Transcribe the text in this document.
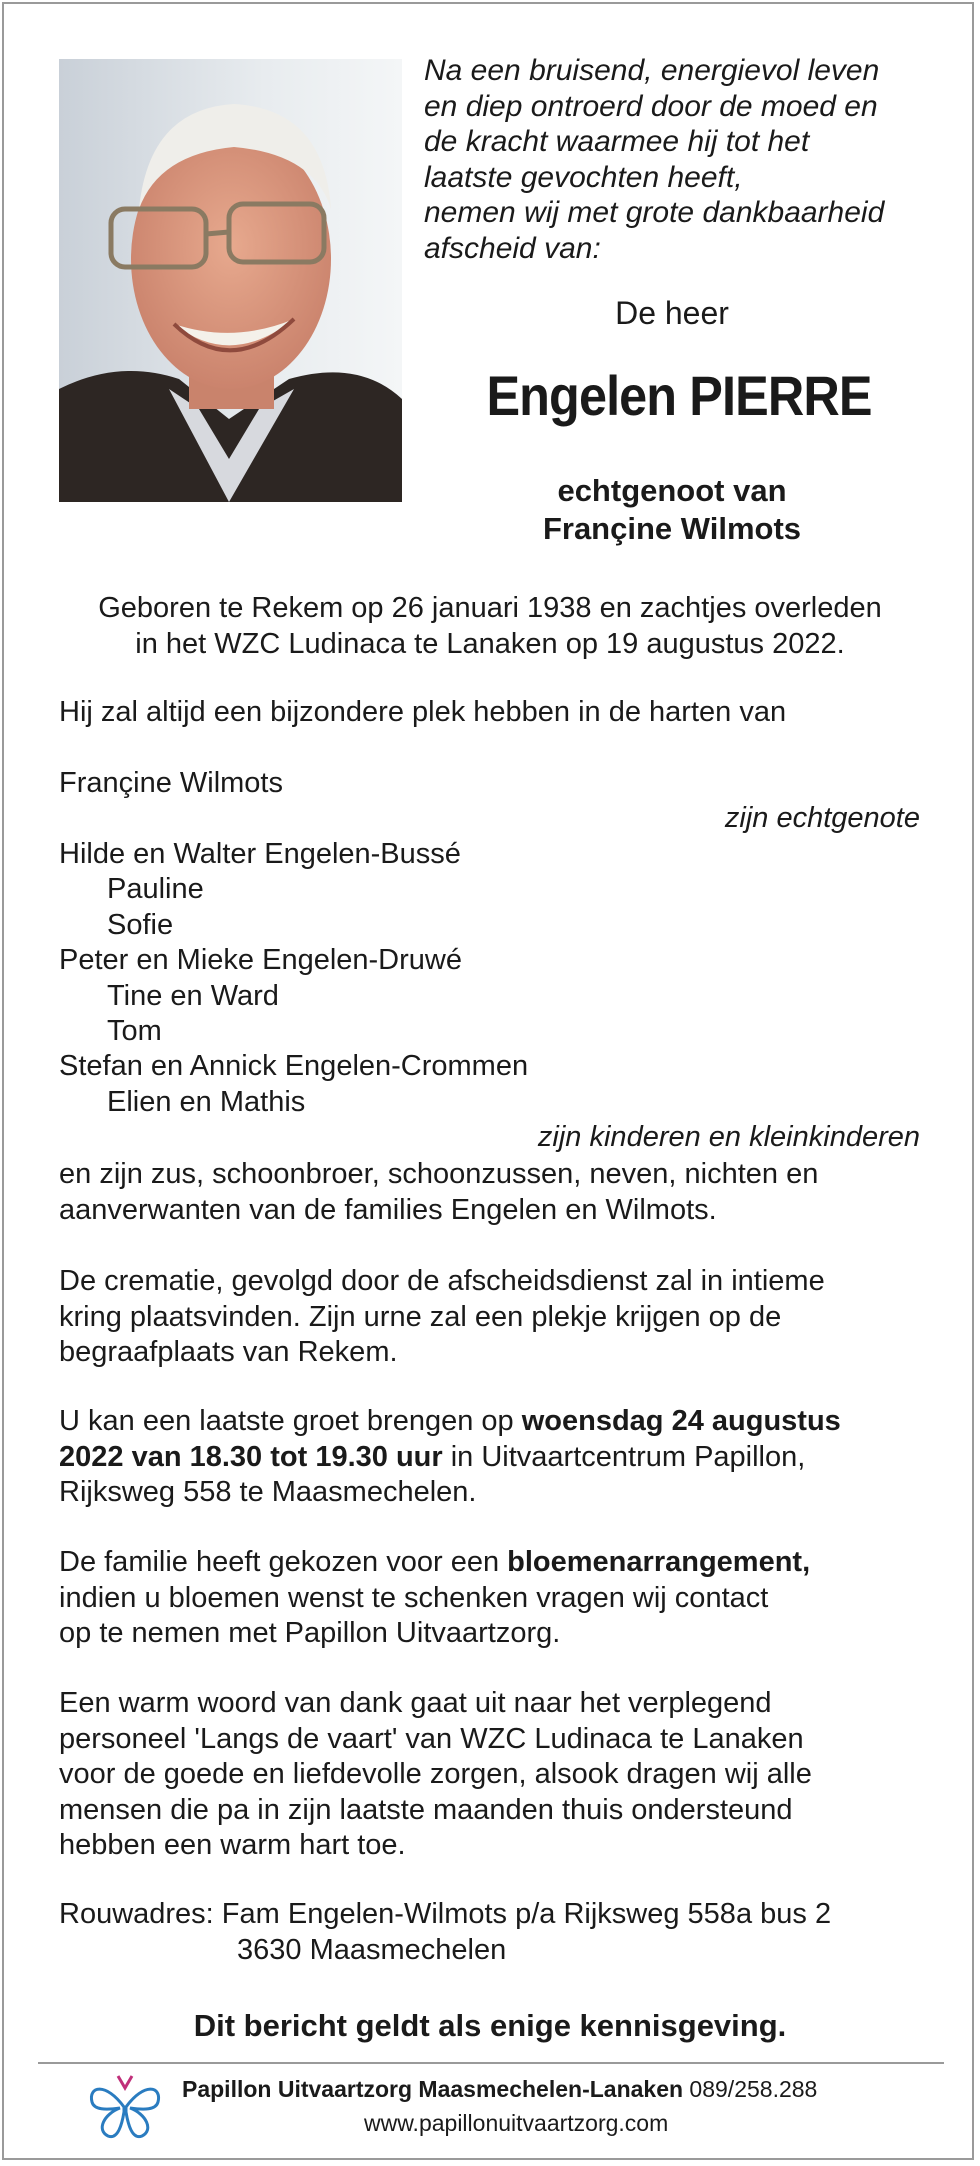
Na een bruisend, energievol leven
en diep ontroerd door de moed en
de kracht waarmee hij tot het
laatste gevochten heeft,
nemen wij met grote dankbaarheid
afscheid van:
De heer
Engelen PIERRE
echtgenoot van
Françine Wilmots
Geboren te Rekem op 26 januari 1938 en zachtjes overleden
in het WZC Ludinaca te Lanaken op 19 augustus 2022.
Hij zal altijd een bijzondere plek hebben in de harten van
Françine Wilmots
zijn echtgenote
Hilde en Walter Engelen-Bussé
Pauline
Sofie
Peter en Mieke Engelen-Druwé
Tine en Ward
Tom
Stefan en Annick Engelen-Crommen
Elien en Mathis
zijn kinderen en kleinkinderen
en zijn zus, schoonbroer, schoonzussen, neven, nichten en
aanverwanten van de families Engelen en Wilmots.
De crematie, gevolgd door de afscheidsdienst zal in intieme
kring plaatsvinden. Zijn urne zal een plekje krijgen op de
begraafplaats van Rekem.
U kan een laatste groet brengen op woensdag 24 augustus
2022 van 18.30 tot 19.30 uur in Uitvaartcentrum Papillon,
Rijksweg 558 te Maasmechelen.
De familie heeft gekozen voor een bloemenarrangement,
indien u bloemen wenst te schenken vragen wij contact
op te nemen met Papillon Uitvaartzorg.
Een warm woord van dank gaat uit naar het verplegend
personeel 'Langs de vaart' van WZC Ludinaca te Lanaken
voor de goede en liefdevolle zorgen, alsook dragen wij alle
mensen die pa in zijn laatste maanden thuis ondersteund
hebben een warm hart toe.
Rouwadres: Fam Engelen-Wilmots p/a Rijksweg 558a bus 2
3630 Maasmechelen
Dit bericht geldt als enige kennisgeving.
Papillon Uitvaartzorg Maasmechelen-Lanaken 089/258.288
www.papillonuitvaartzorg.com
